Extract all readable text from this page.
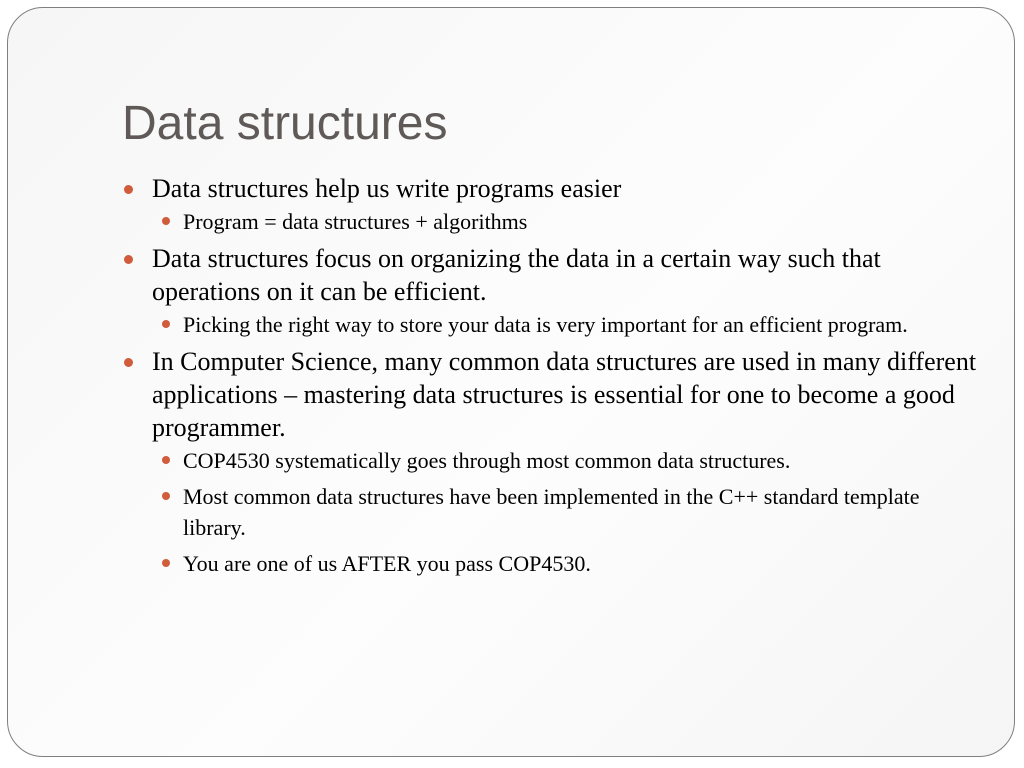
Data structures
Data structures help us write programs easier
Program = data structures + algorithms
Data structures focus on organizing the data in a certain way such that operations on it can be efficient.
Picking the right way to store your data is very important for an efficient program.
In Computer Science, many common data structures are used in many different applications – mastering data structures is essential for one to become a good programmer.
COP4530 systematically goes through most common data structures.
Most common data structures have been implemented in the C++ standard template library.
You are one of us AFTER you pass COP4530.
